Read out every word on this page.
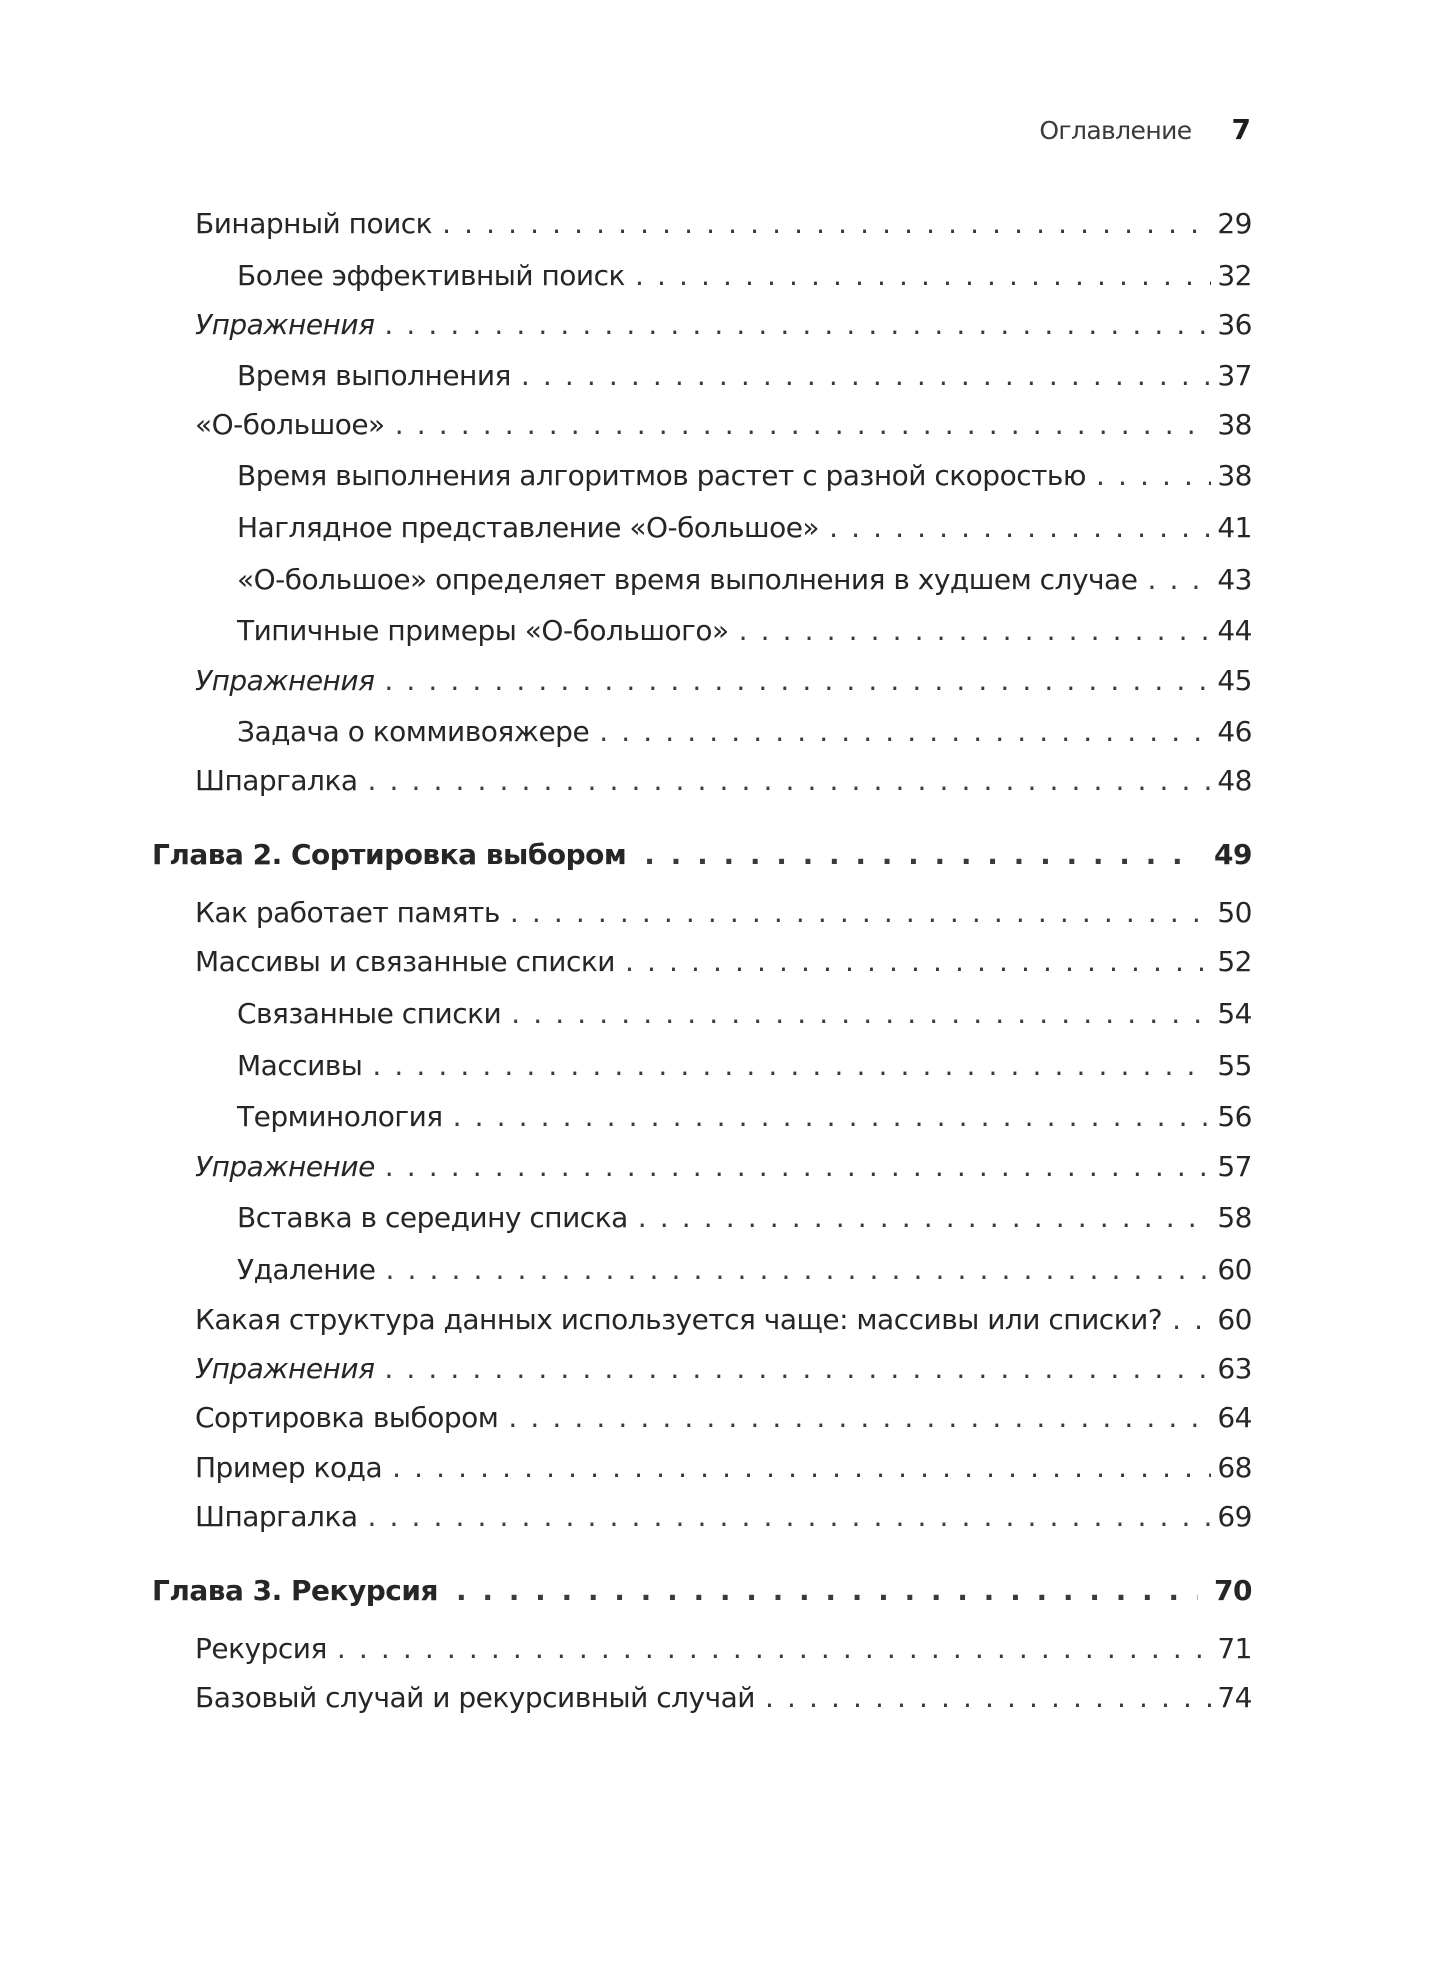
Оглавление 7
Бинарный поиск . . .	29
Более эффективный поиск . . .	32
Упражнения . . .	36
Время выполнения . . .	37
«О-большое» . . .	38
Время выполнения алгоритмов растет с разной скоростью . . .	38
Наглядное представление «О-большое» . . .	41
«О-большое» определяет время выполнения в худшем случае . . .	43
Типичные примеры «О-большого» . . .	44
Упражнения . . .	45
Задача о коммивояжере . . .	46
Шпаргалка . . .	48
Глава 2. Сортировка выбором . . .	49
Как работает память . . .	50
Массивы и связанные списки . . .	52
Связанные списки . . .	54
Массивы . . .	55
Терминология . . .	56
Упражнение . . .	57
Вставка в середину списка . . .	58
Удаление . . .	60
Какая структура данных используется чаще: массивы или списки? . . . 60
Упражнения . . .	63
Сортировка выбором . . .	64
Пример кода . . .	68
Шпаргалка . . .	69
Глава 3. Рекурсия . . .	70
Рекурсия . . .	71
Базовый случай и рекурсивный случай . . .	74
